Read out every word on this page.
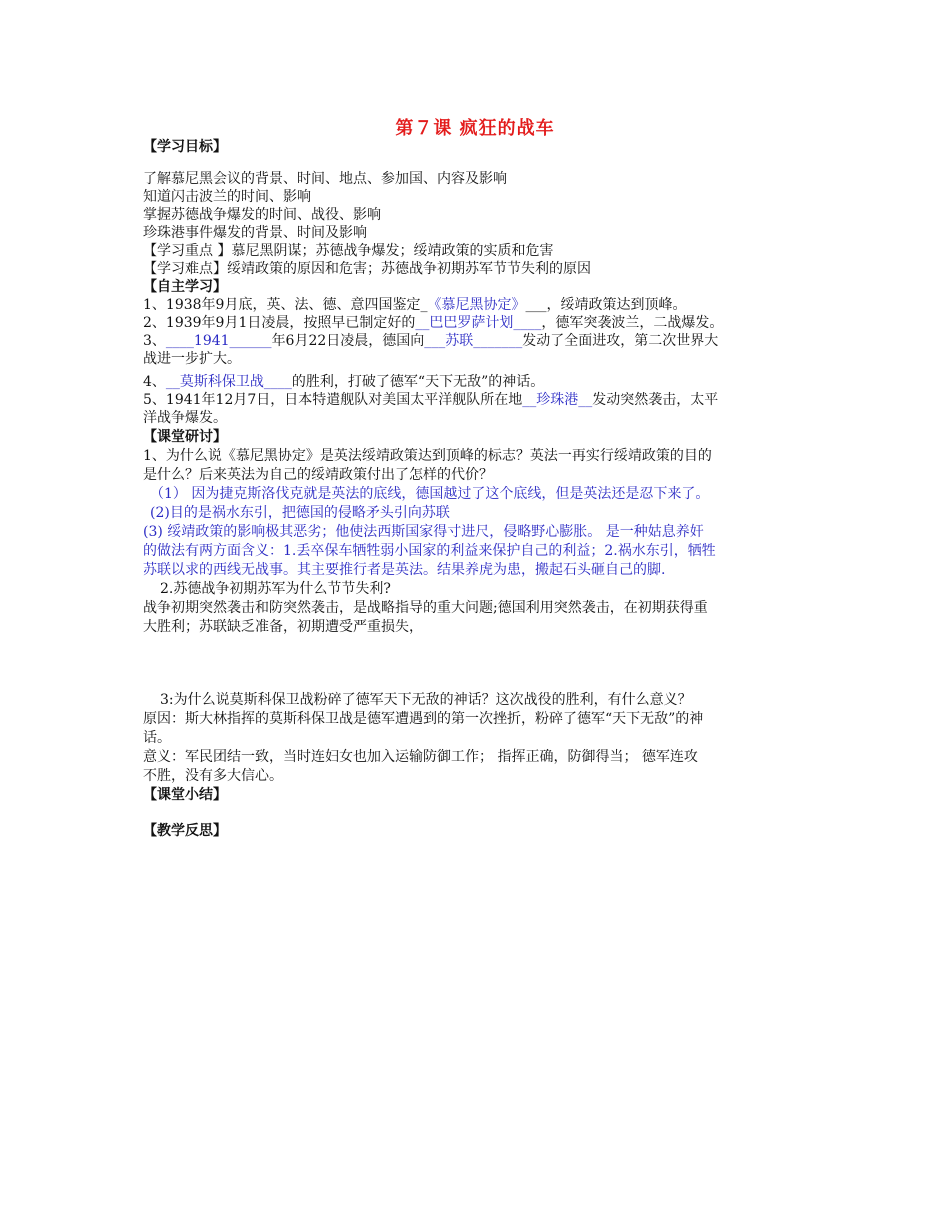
第７课 疯狂的战车
【学习目标】
了解慕尼黑会议的背景、时间、地点、参加国、内容及影响
知道闪击波兰的时间、影响
掌握苏德战争爆发的时间、战役、影响
珍珠港事件爆发的背景、时间及影响
【学习重点 】慕尼黑阴谋；苏德战争爆发；绥靖政策的实质和危害
【学习难点】绥靖政策的原因和危害；苏德战争初期苏军节节失利的原因
【自主学习】
1、1938年9月底，英、法、德、意四国鉴定_《慕尼黑协定》___，绥靖政策达到顶峰。
2、1939年9月1日凌晨，按照早已制定好的__巴巴罗萨计划____，德军突袭波兰，二战爆发。
3、____1941______年6月22日凌晨，德国向___苏联_______发动了全面进攻，第二次世界大
战进一步扩大。
4、__莫斯科保卫战____的胜利，打破了德军“天下无敌”的神话。
5、1941年12月7日，日本特遣舰队对美国太平洋舰队所在地__珍珠港__发动突然袭击，太平
洋战争爆发。
【课堂研讨】
1、为什么说《慕尼黑协定》是英法绥靖政策达到顶峰的标志？英法一再实行绥靖政策的目的
是什么？后来英法为自己的绥靖政策付出了怎样的代价？
（1） 因为捷克斯洛伐克就是英法的底线，德国越过了这个底线，但是英法还是忍下来了。
(2)目的是祸水东引，把德国的侵略矛头引向苏联
(3) 绥靖政策的影响极其恶劣；他使法西斯国家得寸进尺，侵略野心膨胀。 是一种姑息养奸
的做法有两方面含义：1.丢卒保车牺牲弱小国家的利益来保护自己的利益；2.祸水东引，牺牲
苏联以求的西线无战事。其主要推行者是英法。结果养虎为患，搬起石头砸自己的脚.
2.苏德战争初期苏军为什么节节失利?
战争初期突然袭击和防突然袭击，是战略指导的重大问题;德国利用突然袭击，在初期获得重
大胜利；苏联缺乏准备，初期遭受严重损失，
3:为什么说莫斯科保卫战粉碎了德军天下无敌的神话？这次战役的胜利，有什么意义？
原因：斯大林指挥的莫斯科保卫战是德军遭遇到的第一次挫折，粉碎了德军“天下无敌”的神
话。
意义：军民团结一致，当时连妇女也加入运输防御工作； 指挥正确，防御得当； 德军连攻
不胜，没有多大信心。
【课堂小结】
【教学反思】
